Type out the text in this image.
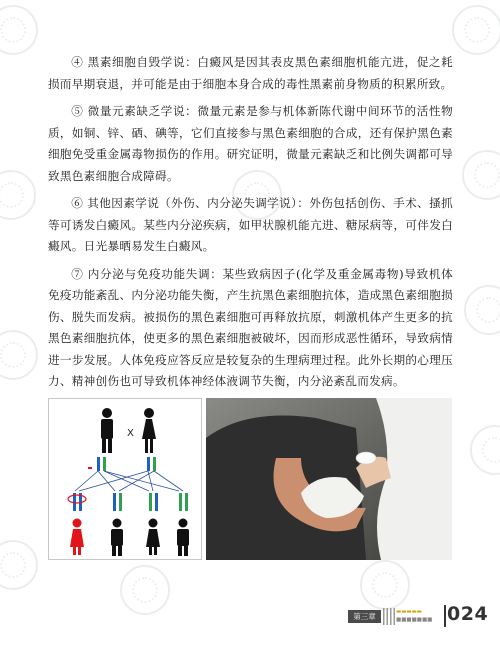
④ 黑素细胞自毁学说：白癜风是因其表皮黑色素细胞机能亢进，促之耗损而早期衰退，并可能是由于细胞本身合成的毒性黑素前身物质的积累所致。

⑤ 微量元素缺乏学说：微量元素是参与机体新陈代谢中间环节的活性物质，如铜、锌、硒、碘等，它们直接参与黑色素细胞的合成，还有保护黑色素细胞免受重金属毒物损伤的作用。研究证明，微量元素缺乏和比例失调都可导致黑色素细胞合成障碍。

⑥ 其他因素学说（外伤、内分泌失调学说）：外伤包括创伤、手术、搔抓等可诱发白癜风。某些内分泌疾病，如甲状腺机能亢进、糖尿病等，可伴发白癜风。日光暴晒易发生白癜风。

⑦ 内分泌与免疫功能失调：某些致病因子(化学及重金属毒物)导致机体免疫功能紊乱、内分泌功能失衡，产生抗黑色素细胞抗体，造成黑色素细胞损伤、脱失而发病。被损伤的黑色素细胞可再释放抗原，刺激机体产生更多的抗黑色素细胞抗体，使更多的黑色素细胞被破坏，因而形成恶性循环，导致病情进一步发展。人体免疫应答反应是较复杂的生理病理过程。此外长期的心理压力、精神创伤也可导致机体神经体液调节失衡，内分泌紊乱而发病。

X
第三章	▬▬▬▬▬
■■■■■■■ 024
